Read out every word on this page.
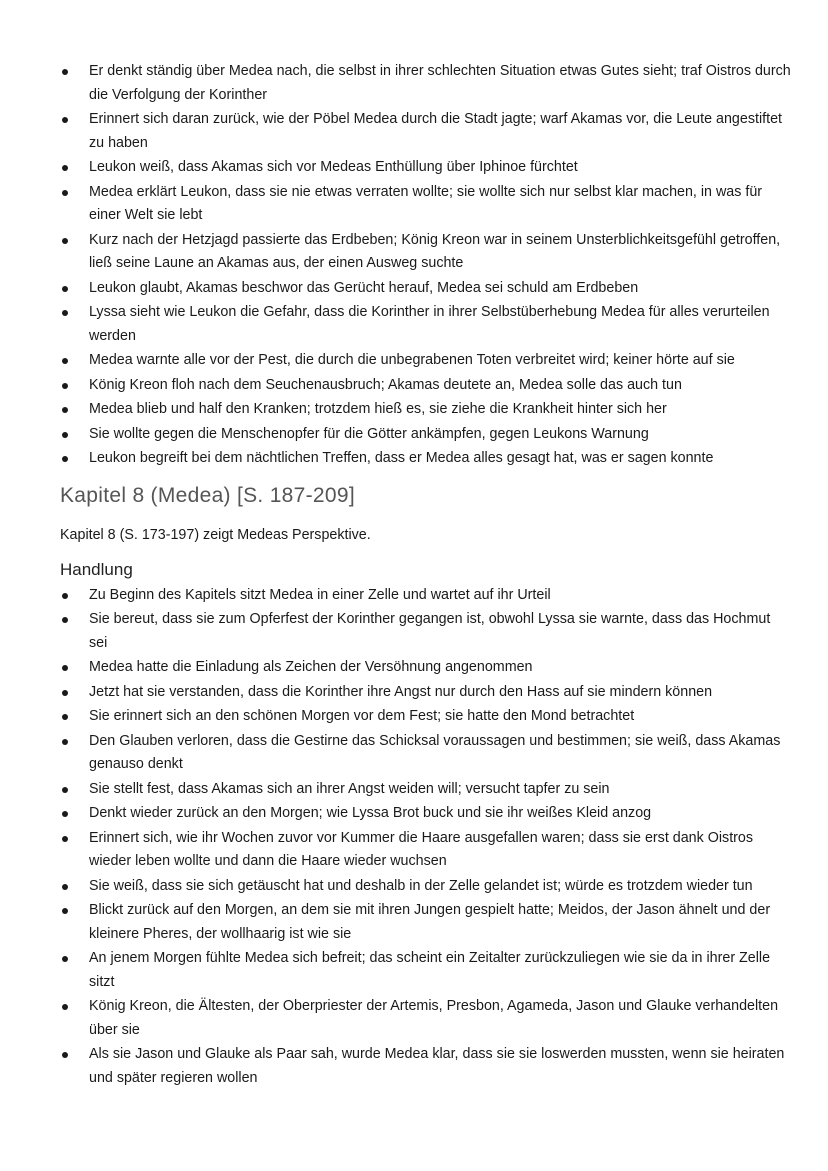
Er denkt ständig über Medea nach, die selbst in ihrer schlechten Situation etwas Gutes sieht; traf Oistros durch die Verfolgung der Korinther
Erinnert sich daran zurück, wie der Pöbel Medea durch die Stadt jagte; warf Akamas vor, die Leute angestiftet zu haben
Leukon weiß, dass Akamas sich vor Medeas Enthüllung über Iphinoe fürchtet
Medea erklärt Leukon, dass sie nie etwas verraten wollte; sie wollte sich nur selbst klar machen, in was für einer Welt sie lebt
Kurz nach der Hetzjagd passierte das Erdbeben; König Kreon war in seinem Unsterblichkeitsgefühl getroffen, ließ seine Laune an Akamas aus, der einen Ausweg suchte
Leukon glaubt, Akamas beschwor das Gerücht herauf, Medea sei schuld am Erdbeben
Lyssa sieht wie Leukon die Gefahr, dass die Korinther in ihrer Selbstüberhebung Medea für alles verurteilen werden
Medea warnte alle vor der Pest, die durch die unbegrabenen Toten verbreitet wird; keiner hörte auf sie
König Kreon floh nach dem Seuchenausbruch; Akamas deutete an, Medea solle das auch tun
Medea blieb und half den Kranken; trotzdem hieß es, sie ziehe die Krankheit hinter sich her
Sie wollte gegen die Menschenopfer für die Götter ankämpfen, gegen Leukons Warnung
Leukon begreift bei dem nächtlichen Treffen, dass er Medea alles gesagt hat, was er sagen konnte
Kapitel 8 (Medea) [S. 187-209]

Kapitel 8 (S. 173-197) zeigt Medeas Perspektive.

Handlung
Zu Beginn des Kapitels sitzt Medea in einer Zelle und wartet auf ihr Urteil
Sie bereut, dass sie zum Opferfest der Korinther gegangen ist, obwohl Lyssa sie warnte, dass das Hochmut sei
Medea hatte die Einladung als Zeichen der Versöhnung angenommen
Jetzt hat sie verstanden, dass die Korinther ihre Angst nur durch den Hass auf sie mindern können
Sie erinnert sich an den schönen Morgen vor dem Fest; sie hatte den Mond betrachtet
Den Glauben verloren, dass die Gestirne das Schicksal voraussagen und bestimmen; sie weiß, dass Akamas genauso denkt
Sie stellt fest, dass Akamas sich an ihrer Angst weiden will; versucht tapfer zu sein
Denkt wieder zurück an den Morgen; wie Lyssa Brot buck und sie ihr weißes Kleid anzog
Erinnert sich, wie ihr Wochen zuvor vor Kummer die Haare ausgefallen waren; dass sie erst dank Oistros wieder leben wollte und dann die Haare wieder wuchsen
Sie weiß, dass sie sich getäuscht hat und deshalb in der Zelle gelandet ist; würde es trotzdem wieder tun
Blickt zurück auf den Morgen, an dem sie mit ihren Jungen gespielt hatte; Meidos, der Jason ähnelt und der kleinere Pheres, der wollhaarig ist wie sie
An jenem Morgen fühlte Medea sich befreit; das scheint ein Zeitalter zurückzuliegen wie sie da in ihrer Zelle sitzt
König Kreon, die Ältesten, der Oberpriester der Artemis, Presbon, Agameda, Jason und Glauke verhandelten über sie
Als sie Jason und Glauke als Paar sah, wurde Medea klar, dass sie sie loswerden mussten, wenn sie heiraten und später regieren wollen
